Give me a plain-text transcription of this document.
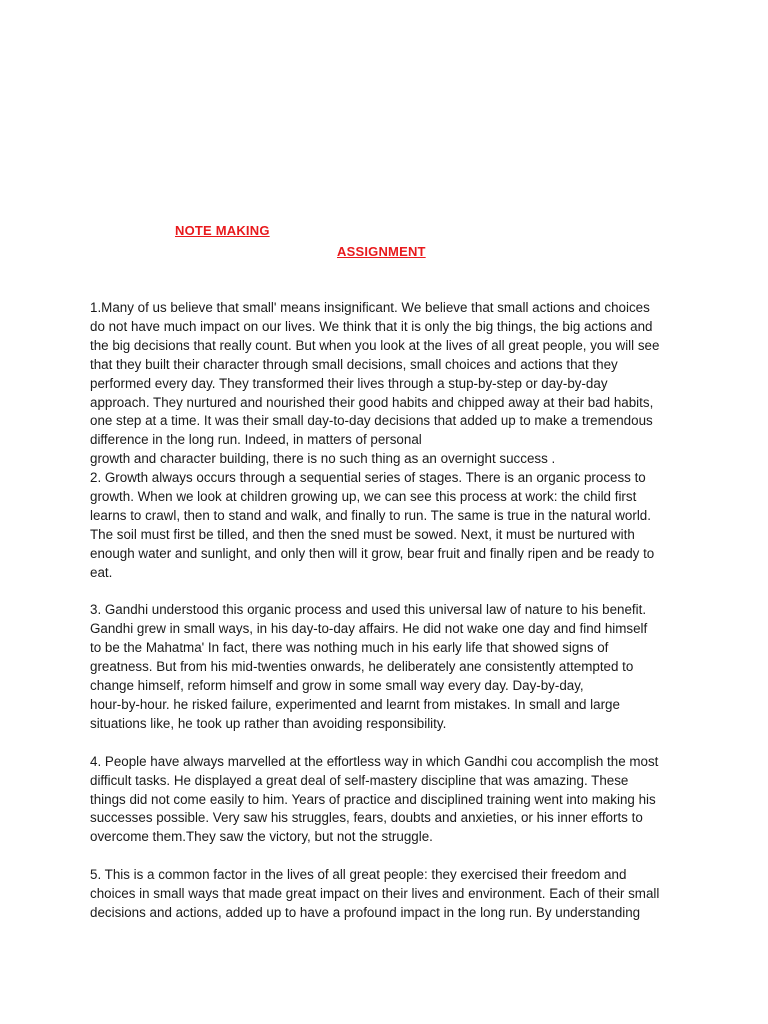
NOTE MAKING
ASSIGNMENT

1.Many of us believe that small' means insignificant. We believe that small actions and choices
do not have much impact on our lives. We think that it is only the big things, the big actions and
the big decisions that really count. But when you look at the lives of all great people, you will see
that they built their character through small decisions, small choices and actions that they
performed every day. They transformed their lives through a stup-by-step or day-by-day
approach. They nurtured and nourished their good habits and chipped away at their bad habits,
one step at a time. It was their small day-to-day decisions that added up to make a tremendous
difference in the long run. Indeed, in matters of personal
growth and character building, there is no such thing as an overnight success .

2. Growth always occurs through a sequential series of stages. There is an organic process to
growth. When we look at children growing up, we can see this process at work: the child first
learns to crawl, then to stand and walk, and finally to run. The same is true in the natural world.
The soil must first be tilled, and then the sned must be sowed. Next, it must be nurtured with
enough water and sunlight, and only then will it grow, bear fruit and finally ripen and be ready to
eat.

3. Gandhi understood this organic process and used this universal law of nature to his benefit.
Gandhi grew in small ways, in his day-to-day affairs. He did not wake one day and find himself
to be the Mahatma' In fact, there was nothing much in his early life that showed signs of
greatness. But from his mid-twenties onwards, he deliberately ane consistently attempted to
change himself, reform himself and grow in some small way every day. Day-by-day,
hour-by-hour. he risked failure, experimented and learnt from mistakes. In small and large
situations like, he took up rather than avoiding responsibility.

4. People have always marvelled at the effortless way in which Gandhi cou accomplish the most
difficult tasks. He displayed a great deal of self-mastery discipline that was amazing. These
things did not come easily to him. Years of practice and disciplined training went into making his
successes possible. Very saw his struggles, fears, doubts and anxieties, or his inner efforts to
overcome them.They saw the victory, but not the struggle.

5. This is a common factor in the lives of all great people: they exercised their freedom and
choices in small ways that made great impact on their lives and environment. Each of their small
decisions and actions, added up to have a profound impact in the long run. By understanding
